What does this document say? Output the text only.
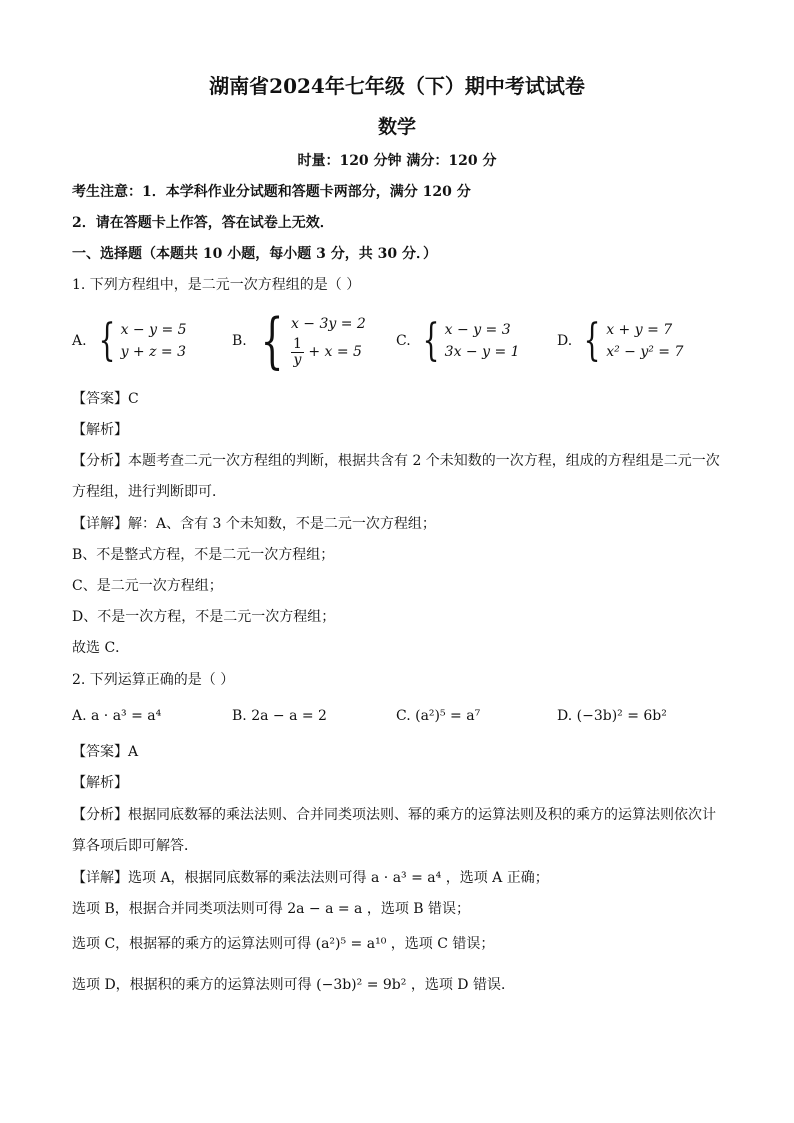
湖南省2024年七年级（下）期中考试试卷
数学
时量：120 分钟 满分：120 分
考生注意：1．本学科作业分试题和答题卡两部分，满分 120 分
2．请在答题卡上作答，答在试卷上无效．
一、选择题（本题共 10 小题，每小题 3 分，共 30 分．）
1. 下列方程组中，是二元一次方程组的是（ ）
A. { x − y = 5
y + z = 3
B. { x − 3y = 2
$\frac{1}{y} + x = 5$
C. { x − y = 3
3x − y = 1
D. { x + y = 7
x² − y² = 7
【答案】C
【解析】
【分析】本题考查二元一次方程组的判断，根据共含有 2 个未知数的一次方程，组成的方程组是二元一次
方程组，进行判断即可．
【详解】解：A、含有 3 个未知数，不是二元一次方程组；
B、不是整式方程，不是二元一次方程组；
C、是二元一次方程组；
D、不是一次方程，不是二元一次方程组；
故选 C．
2. 下列运算正确的是（ ）
A. a · a³ = a⁴	B. 2a − a = 2	C. (a²)⁵ = a⁷	D. (−3b)² = 6b²
【答案】A
【解析】
【分析】根据同底数幂的乘法法则、合并同类项法则、幂的乘方的运算法则及积的乘方的运算法则依次计
算各项后即可解答．
【详解】选项 A，根据同底数幂的乘法法则可得 a · a³ = a⁴ ，选项 A 正确；
选项 B，根据合并同类项法则可得 2a − a = a ，选项 B 错误；
选项 C，根据幂的乘方的运算法则可得 (a²)⁵ = a¹⁰ ，选项 C 错误；
选项 D，根据积的乘方的运算法则可得 (−3b)² = 9b² ，选项 D 错误．
